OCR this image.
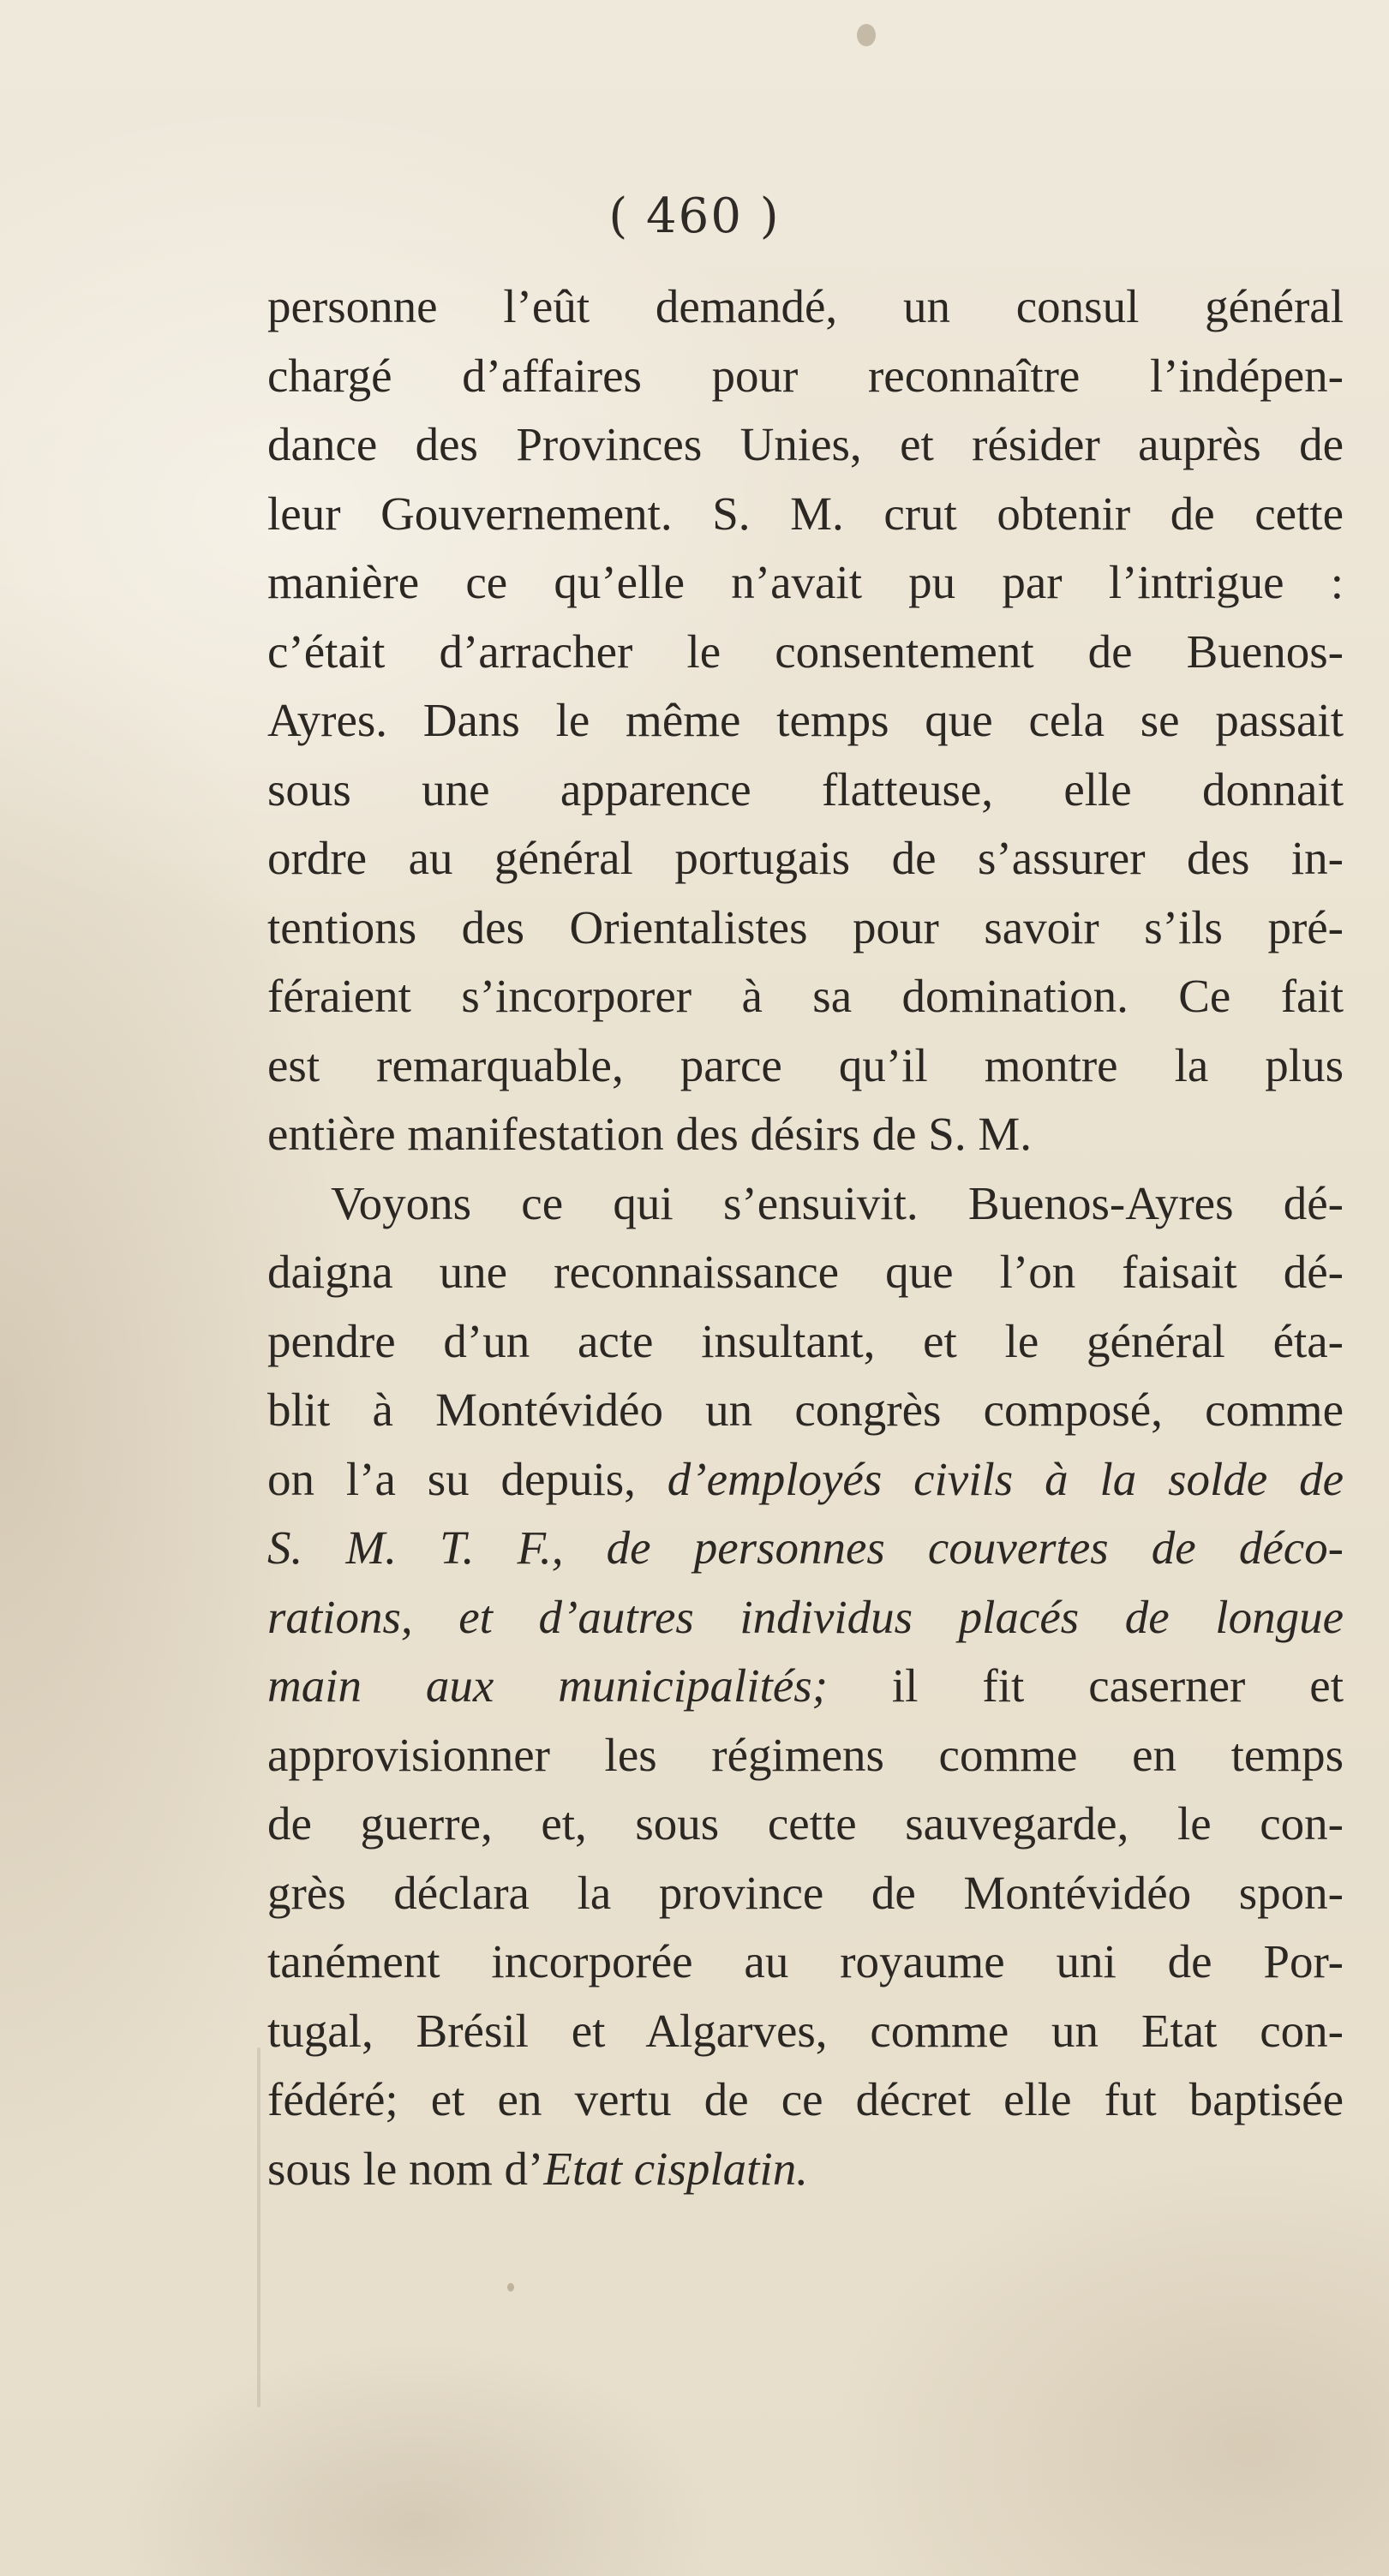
( 460 )
personne l’eût demandé, un consul général
chargé d’affaires pour reconnaître l’indépen-
dance des Provinces Unies, et résider auprès de
leur Gouvernement. S. M. crut obtenir de cette
manière ce qu’elle n’avait pu par l’intrigue :
c’était d’arracher le consentement de Buenos-
Ayres. Dans le même temps que cela se passait
sous une apparence flatteuse, elle donnait
ordre au général portugais de s’assurer des in-
tentions des Orientalistes pour savoir s’ils pré-
féraient s’incorporer à sa domination. Ce fait
est remarquable, parce qu’il montre la plus
entière manifestation des désirs de S. M.
Voyons ce qui s’ensuivit. Buenos-Ayres dé-
daigna une reconnaissance que l’on faisait dé-
pendre d’un acte insultant, et le général éta-
blit à Montévidéo un congrès composé, comme
on l’a su depuis, d’employés civils à la solde de
S. M. T. F., de personnes couvertes de déco-
rations, et d’autres individus placés de longue
main aux municipalités; il fit caserner et
approvisionner les régimens comme en temps
de guerre, et, sous cette sauvegarde, le con-
grès déclara la province de Montévidéo spon-
tanément incorporée au royaume uni de Por-
tugal, Brésil et Algarves, comme un Etat con-
fédéré; et en vertu de ce décret elle fut baptisée
sous le nom d’Etat cisplatin.
